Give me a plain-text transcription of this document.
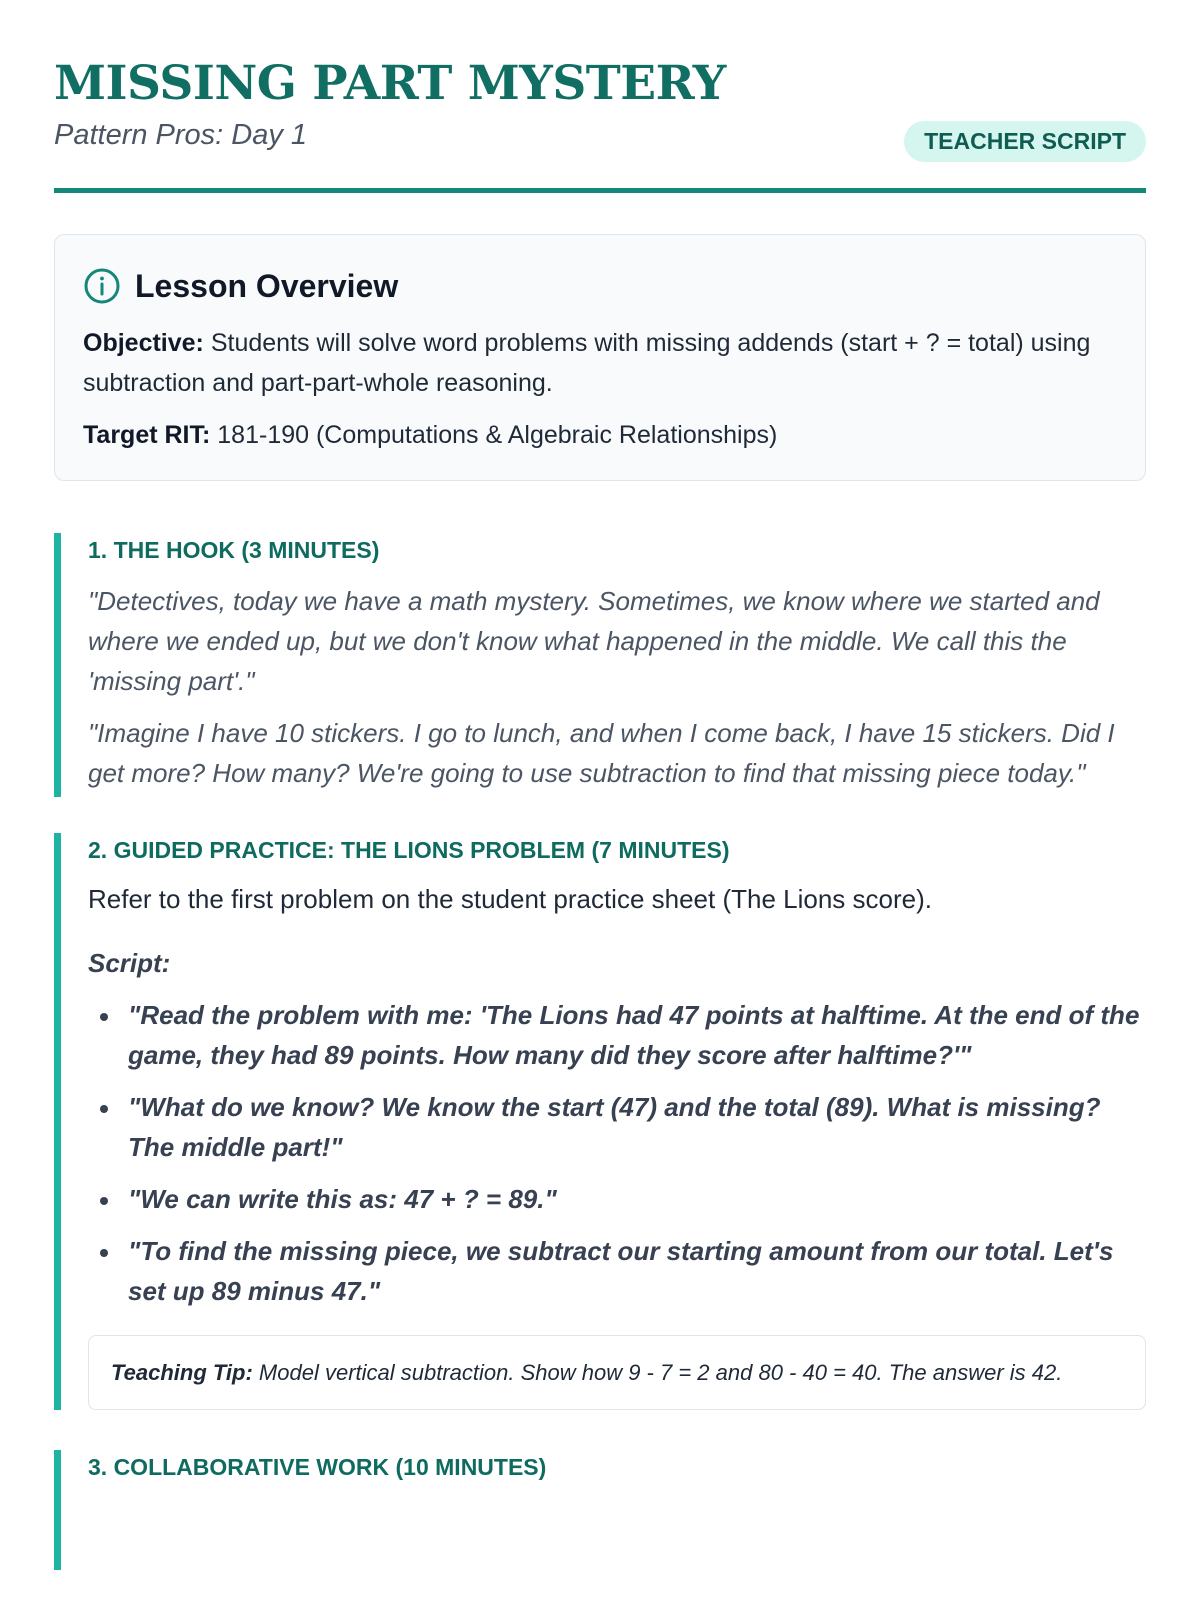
MISSING PART MYSTERY
Pattern Pros: Day 1	TEACHER SCRIPT
Lesson Overview

Objective: Students will solve word problems with missing addends (start + ? = total) using subtraction and part-part-whole reasoning.

Target RIT: 181-190 (Computations & Algebraic Relationships)

1. THE HOOK (3 MINUTES)

"Detectives, today we have a math mystery. Sometimes, we know where we started and where we ended up, but we don't know what happened in the middle. We call this the 'missing part'."

"Imagine I have 10 stickers. I go to lunch, and when I come back, I have 15 stickers. Did I get more? How many? We're going to use subtraction to find that missing piece today."

2. GUIDED PRACTICE: THE LIONS PROBLEM (7 MINUTES)

Refer to the first problem on the student practice sheet (The Lions score).

Script:

"Read the problem with me: 'The Lions had 47 points at halftime. At the end of the game, they had 89 points. How many did they score after halftime?'"
"What do we know? We know the start (47) and the total (89). What is missing? The middle part!"
"We can write this as: 47 + ? = 89."
"To find the missing piece, we subtract our starting amount from our total. Let's set up 89 minus 47."
Teaching Tip: Model vertical subtraction. Show how 9 - 7 = 2 and 80 - 40 = 40. The answer is 42.
3. COLLABORATIVE WORK (10 MINUTES)
